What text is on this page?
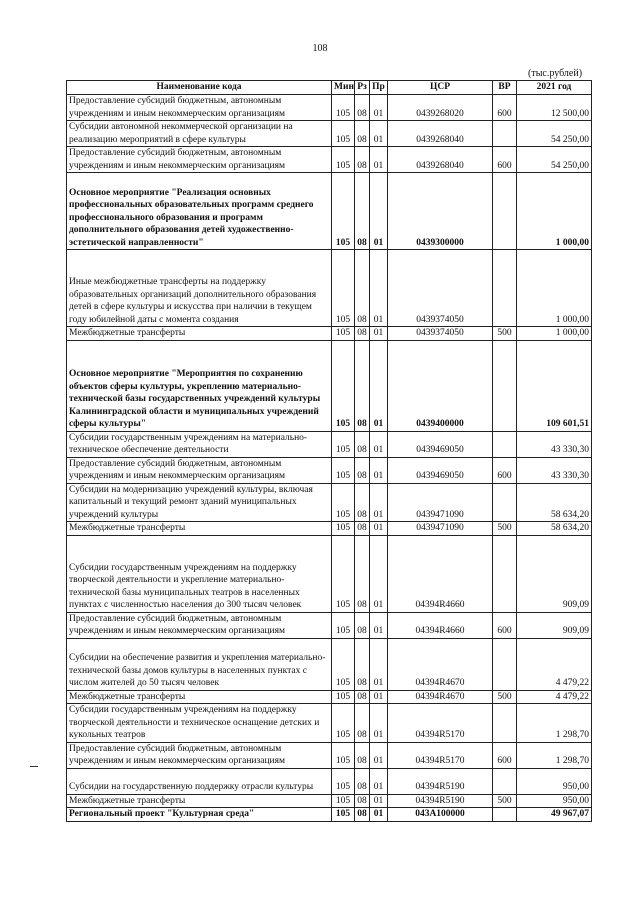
108
(тыс.рублей)
Наименование кода	Мин	Рз	Пр	ЦСР	ВР	2021 год
Предоставление субсидий бюджетным, автономным учреждениям и иным некоммерческим организациям	105	08	01	0439268020	600	12 500,00
Субсидии автономной некоммерческой организации на реализацию мероприятий в сфере культуры	105	08	01	0439268040		54 250,00
Предоставление субсидий бюджетным, автономным учреждениям и иным некоммерческим организациям	105	08	01	0439268040	600	54 250,00
Основное мероприятие "Реализация основных профессиональных образовательных программ среднего профессионального образования и программ дополнительного образования детей художественно-эстетической направленности"	105	08	01	0439300000		1 000,00
Иные межбюджетные трансферты на поддержку образовательных организаций дополнительного образования детей в сфере культуры и искусства при наличии в текущем году юбилейной даты с момента создания	105	08	01	0439374050		1 000,00
Межбюджетные трансферты	105	08	01	0439374050	500	1 000,00
Основное мероприятие "Мероприятия по сохранению объектов сферы культуры, укреплению материально-технической базы государственных учреждений культуры Калининградской области и муниципальных учреждений сферы культуры"	105	08	01	0439400000		109 601,51
Субсидии государственным учреждениям на материально-техническое обеспечение деятельности	105	08	01	0439469050		43 330,30
Предоставление субсидий бюджетным, автономным учреждениям и иным некоммерческим организациям	105	08	01	0439469050	600	43 330,30
Субсидии на модернизацию учреждений культуры, включая капитальный и текущий ремонт зданий муниципальных учреждений культуры	105	08	01	0439471090		58 634,20
Межбюджетные трансферты	105	08	01	0439471090	500	58 634,20
Субсидии государственным учреждениям на поддержку творческой деятельности и укрепление материально-технической базы муниципальных театров в населенных пунктах с численностью населения до 300 тысяч человек	105	08	01	04394R4660		909,09
Предоставление субсидий бюджетным, автономным учреждениям и иным некоммерческим организациям	105	08	01	04394R4660	600	909,09
Субсидии на обеспечение развития и укрепления материально-технической базы домов культуры в населенных пунктах с числом жителей до 50 тысяч человек	105	08	01	04394R4670		4 479,22
Межбюджетные трансферты	105	08	01	04394R4670	500	4 479,22
Субсидии государственным учреждениям на поддержку творческой деятельности и техническое оснащение детских и кукольных театров	105	08	01	04394R5170		1 298,70
Предоставление субсидий бюджетным, автономным учреждениям и иным некоммерческим организациям	105	08	01	04394R5170	600	1 298,70
Субсидии на государственную поддержку отрасли культуры	105	08	01	04394R5190		950,00
Межбюджетные трансферты	105	08	01	04394R5190	500	950,00
Региональный проект "Культурная среда"	105	08	01	043A100000		49 967,07
